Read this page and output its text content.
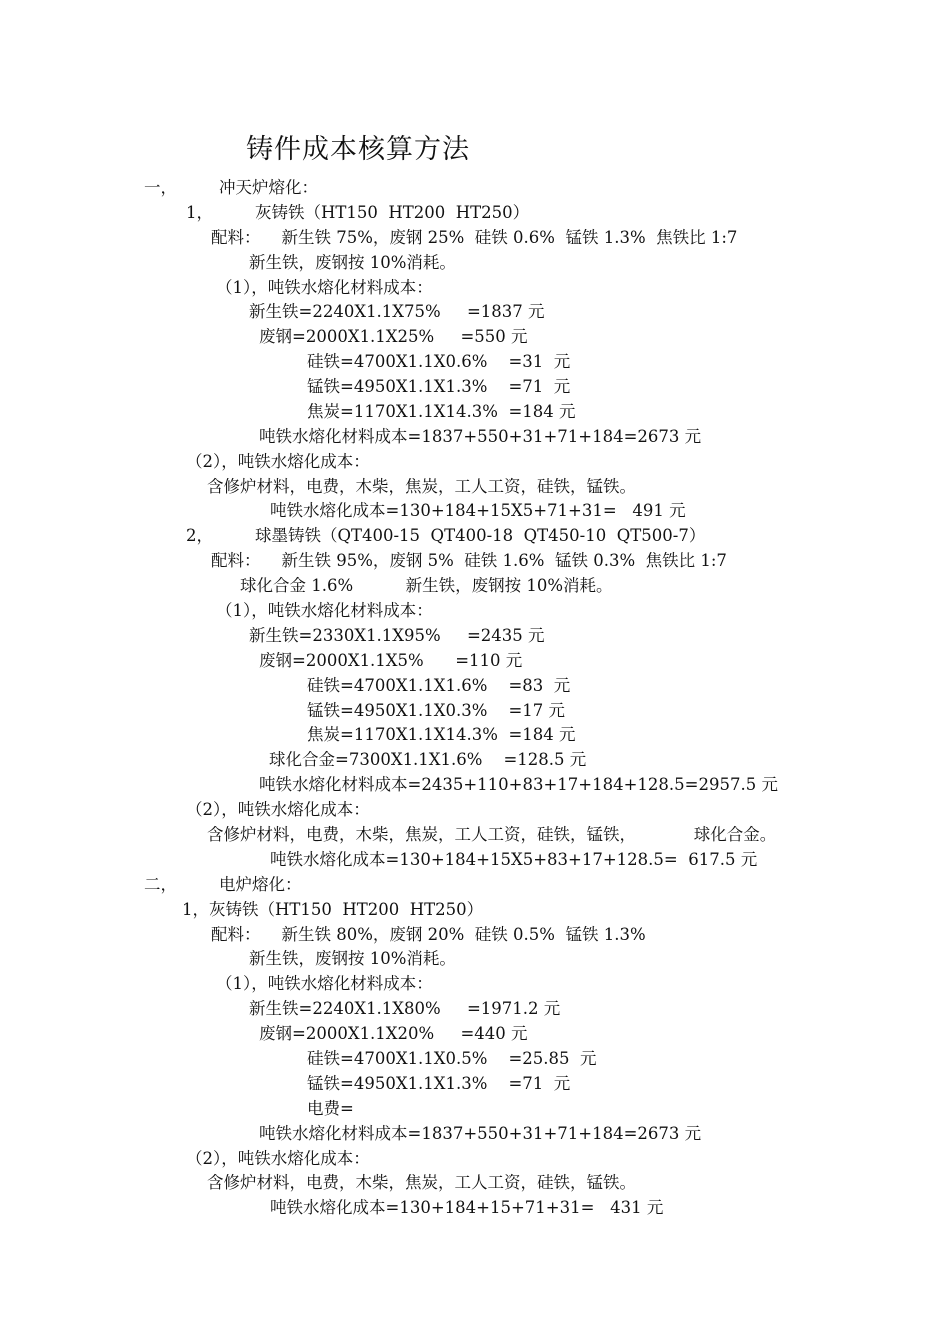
铸件成本核算方法
一，        冲天炉熔化：
1，        灰铸铁（HT150  HT200  HT250）
配料：    新生铁 75%，废钢 25%  硅铁 0.6%  锰铁 1.3%  焦铁比 1:7
新生铁，废钢按 10%消耗。
（1），吨铁水熔化材料成本：
新生铁=2240X1.1X75%     =1837 元
废钢=2000X1.1X25%     =550 元
硅铁=4700X1.1X0.6%    =31  元
锰铁=4950X1.1X1.3%    =71  元
焦炭=1170X1.1X14.3%  =184 元
吨铁水熔化材料成本=1837+550+31+71+184=2673 元
（2），吨铁水熔化成本：
含修炉材料，电费，木柴，焦炭，工人工资，硅铁，锰铁。
吨铁水熔化成本=130+184+15X5+71+31=   491 元
2，        球墨铸铁（QT400-15  QT400-18  QT450-10  QT500-7）
配料：    新生铁 95%，废钢 5%  硅铁 1.6%  锰铁 0.3%  焦铁比 1:7
球化合金 1.6%          新生铁，废钢按 10%消耗。
（1），吨铁水熔化材料成本：
新生铁=2330X1.1X95%     =2435 元
废钢=2000X1.1X5%      =110 元
硅铁=4700X1.1X1.6%    =83  元
锰铁=4950X1.1X0.3%    =17 元
焦炭=1170X1.1X14.3%  =184 元
球化合金=7300X1.1X1.6%    =128.5 元
吨铁水熔化材料成本=2435+110+83+17+184+128.5=2957.5 元
（2），吨铁水熔化成本：
含修炉材料，电费，木柴，焦炭，工人工资，硅铁，锰铁，           球化合金。
吨铁水熔化成本=130+184+15X5+83+17+128.5=  617.5 元
二，        电炉熔化：
1，灰铸铁（HT150  HT200  HT250）
配料：    新生铁 80%，废钢 20%  硅铁 0.5%  锰铁 1.3%
新生铁，废钢按 10%消耗。
（1），吨铁水熔化材料成本：
新生铁=2240X1.1X80%     =1971.2 元
废钢=2000X1.1X20%     =440 元
硅铁=4700X1.1X0.5%    =25.85  元
锰铁=4950X1.1X1.3%    =71  元
电费=
吨铁水熔化材料成本=1837+550+31+71+184=2673 元
（2），吨铁水熔化成本：
含修炉材料，电费，木柴，焦炭，工人工资，硅铁，锰铁。
吨铁水熔化成本=130+184+15+71+31=   431 元
